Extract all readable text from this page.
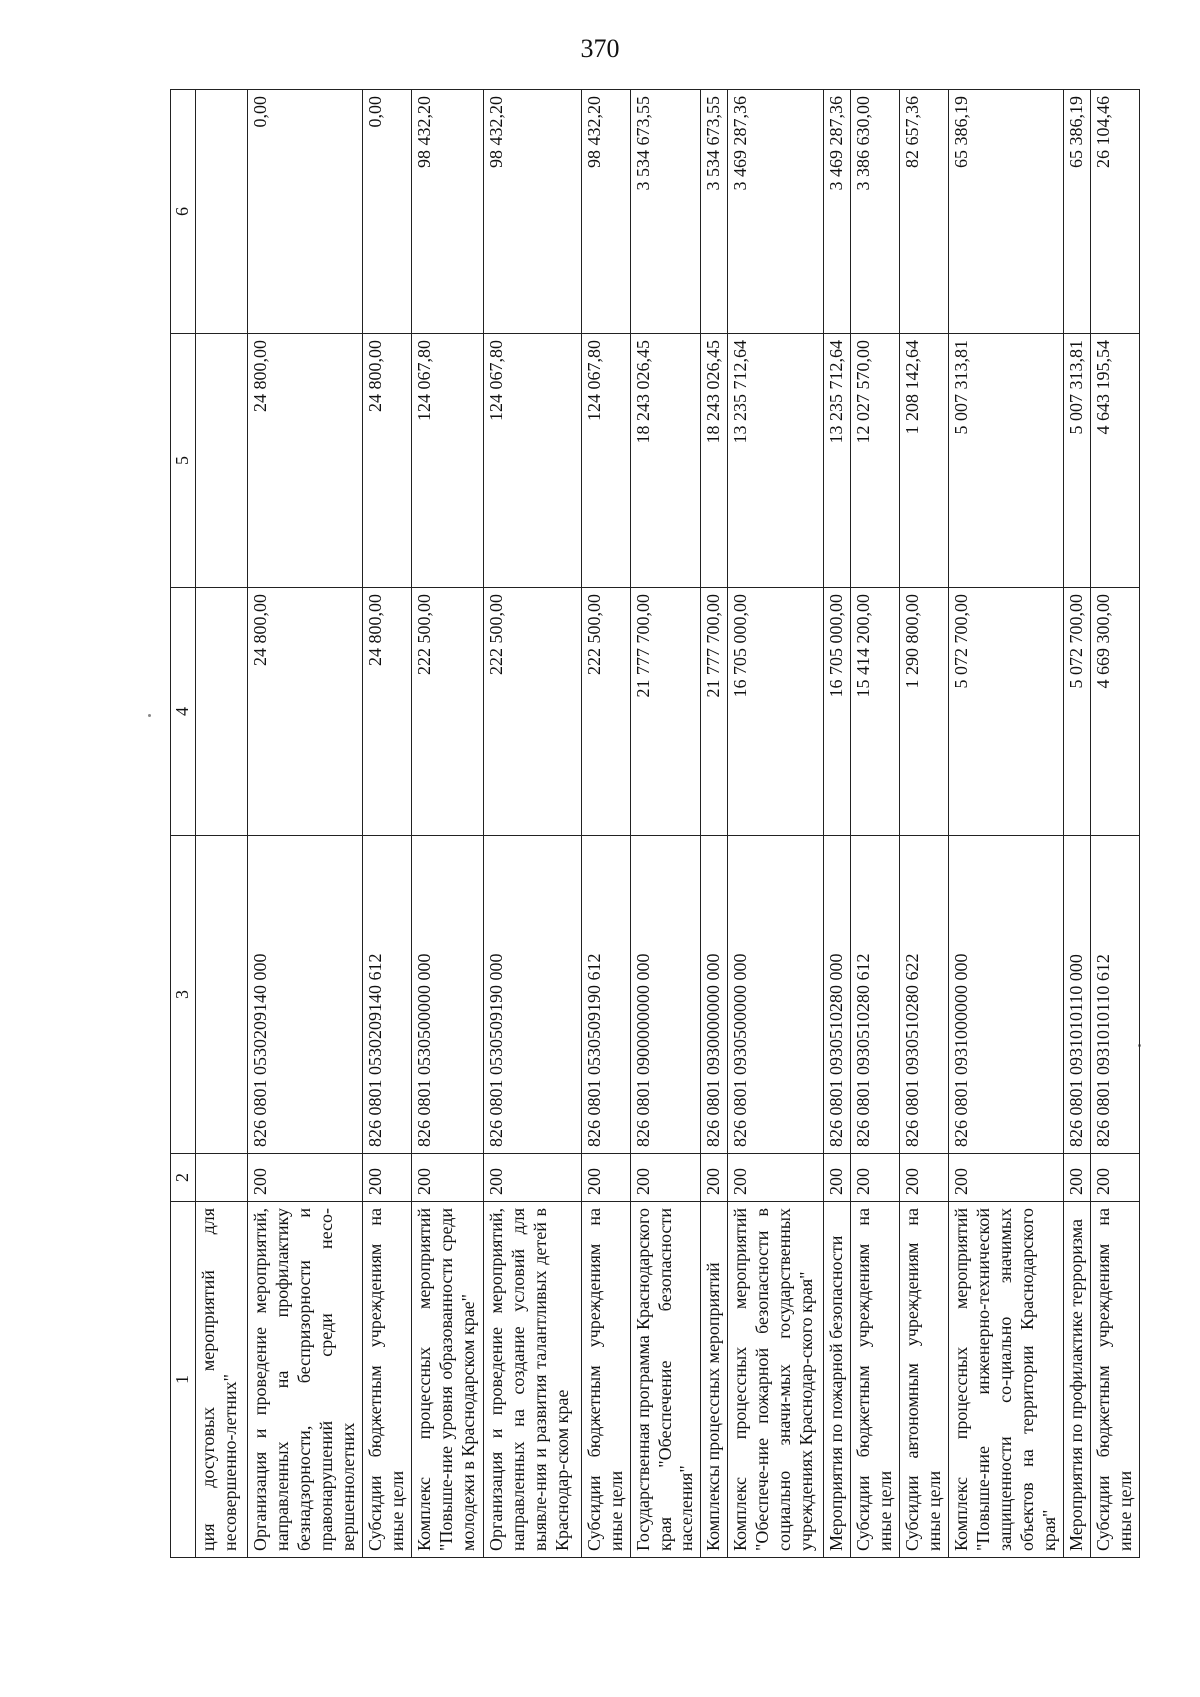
370
1	2	3	4	5	6
ция досуговых мероприятий для несовершенно-летних"					
Организация и проведение мероприятий, направленных на профилактику безнадзорности, беспризорности и правонарушений среди несо-вершеннолетних	200	826 0801 0530209140 000	24 800,00	24 800,00	0,00
Субсидии бюджетным учреждениям на иные цели	200	826 0801 0530209140 612	24 800,00	24 800,00	0,00
Комплекс процессных мероприятий "Повыше-ние уровня образованности среди молодежи в Краснодарском крае"	200	826 0801 0530500000 000	222 500,00	124 067,80	98 432,20
Организация и проведение мероприятий, направленных на создание условий для выявле-ния и развития талантливых детей в Краснодар-ском крае	200	826 0801 0530509190 000	222 500,00	124 067,80	98 432,20
Субсидии бюджетным учреждениям на иные цели	200	826 0801 0530509190 612	222 500,00	124 067,80	98 432,20
Государственная программа Краснодарского края "Обеспечение безопасности населения"	200	826 0801 0900000000 000	21 777 700,00	18 243 026,45	3 534 673,55
Комплексы процессных мероприятий	200	826 0801 0930000000 000	21 777 700,00	18 243 026,45	3 534 673,55
Комплекс процессных мероприятий "Обеспече-ние пожарной безопасности в социально значи-мых государственных учреждениях Краснодар-ского края"	200	826 0801 0930500000 000	16 705 000,00	13 235 712,64	3 469 287,36
Мероприятия по пожарной безопасности	200	826 0801 0930510280 000	16 705 000,00	13 235 712,64	3 469 287,36
Субсидии бюджетным учреждениям на иные цели	200	826 0801 0930510280 612	15 414 200,00	12 027 570,00	3 386 630,00
Субсидии автономным учреждениям на иные цели	200	826 0801 0930510280 622	1 290 800,00	1 208 142,64	82 657,36
Комплекс процессных мероприятий "Повыше-ние инженерно-технической защищенности со-циально значимых объектов на территории Краснодарского края"	200	826 0801 0931000000 000	5 072 700,00	5 007 313,81	65 386,19
Мероприятия по профилактике терроризма	200	826 0801 0931010110 000	5 072 700,00	5 007 313,81	65 386,19
Субсидии бюджетным учреждениям на иные цели	200	826 0801 0931010110 612	4 669 300,00	4 643 195,54	26 104,46
